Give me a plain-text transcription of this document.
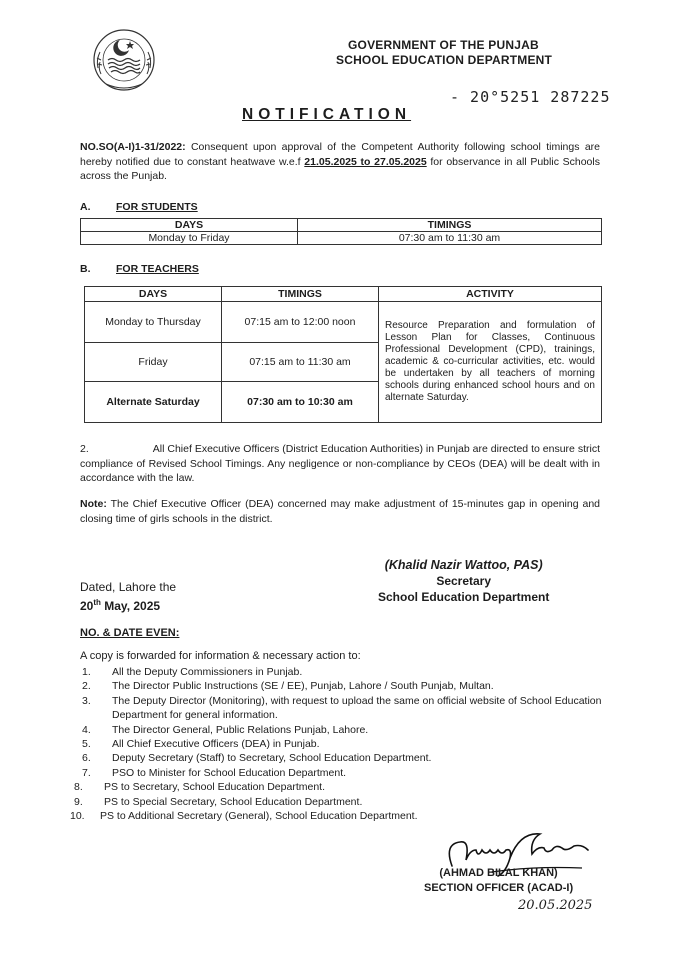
GOVERNMENT OF THE PUNJAB
SCHOOL EDUCATION DEPARTMENT
- 20°5251 287225
NOTIFICATION
NO.SO(A-I)1-31/2022: Consequent upon approval of the Competent Authority following school timings are hereby notified due to constant heatwave w.e.f 21.05.2025 to 27.05.2025 for observance in all Public Schools across the Punjab.
A. FOR STUDENTS
DAYS	TIMINGS
Monday to Friday	07:30 am to 11:30 am
B. FOR TEACHERS
DAYS	TIMINGS	ACTIVITY
Monday to Thursday	07:15 am to 12:00 noon	Resource Preparation and formulation of Lesson Plan for Classes, Continuous Professional Development (CPD), trainings, academic & co-curricular activities, etc. would be undertaken by all teachers of morning schools during enhanced school hours and on alternate Saturday.
Friday	07:15 am to 11:30 am	
Alternate Saturday	07:30 am to 10:30 am	
2.	All Chief Executive Officers (District Education Authorities) in Punjab are directed to ensure strict compliance of Revised School Timings. Any negligence or non-compliance by CEOs (DEA) will be dealt with in accordance with the law.
Note: The Chief Executive Officer (DEA) concerned may make adjustment of 15-minutes gap in opening and closing time of girls schools in the district.
(Khalid Nazir Wattoo, PAS)
Secretary
School Education Department
Dated, Lahore the
20th May, 2025
NO. & DATE EVEN:
A copy is forwarded for information & necessary action to:
1.	All the Deputy Commissioners in Punjab.
2.	The Director Public Instructions (SE / EE), Punjab, Lahore / South Punjab, Multan.
3.	The Deputy Director (Monitoring), with request to upload the same on official website of School Education Department for general information.
4.	The Director General, Public Relations Punjab, Lahore.
5.	All Chief Executive Officers (DEA) in Punjab.
6.	Deputy Secretary (Staff) to Secretary, School Education Department.
7.	PSO to Minister for School Education Department.
8.	PS to Secretary, School Education Department.
9.	PS to Special Secretary, School Education Department.
10.	PS to Additional Secretary (General), School Education Department.
(AHMAD BILAL KHAN)
SECTION OFFICER (ACAD-I)
20.05.2025
